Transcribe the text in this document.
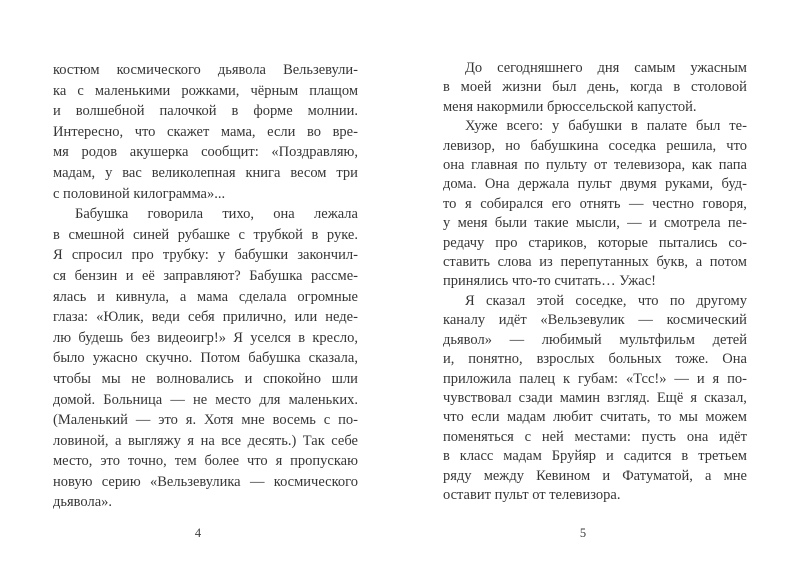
костюм космического дьявола Вельзевули-
ка с маленькими рожками, чёрным плащом
и волшебной палочкой в форме молнии.
Интересно, что скажет мама, если во вре-
мя родов акушерка сообщит: «Поздравляю,
мадам, у вас великолепная книга весом три
с половиной килограмма»...
Бабушка говорила тихо, она лежала
в смешной синей рубашке с трубкой в руке.
Я спросил про трубку: у бабушки закончил-
ся бензин и её заправляют? Бабушка рассме-
ялась и кивнула, а мама сделала огромные
глаза: «Юлик, веди себя прилично, или неде-
лю будешь без видеоигр!» Я уселся в кресло,
было ужасно скучно. Потом бабушка сказала,
чтобы мы не волновались и спокойно шли
домой. Больница — не место для маленьких.
(Маленький — это я. Хотя мне восемь с по-
ловиной, а выгляжу я на все десять.) Так себе
место, это точно, тем более что я пропускаю
новую серию «Вельзевулика — космического
дьявола».
До сегодняшнего дня самым ужасным
в моей жизни был день, когда в столовой
меня накормили брюссельской капустой.
Хуже всего: у бабушки в палате был те-
левизор, но бабушкина соседка решила, что
она главная по пульту от телевизора, как папа
дома. Она держала пульт двумя руками, буд-
то я собирался его отнять — честно говоря,
у меня были такие мысли, — и смотрела пе-
редачу про стариков, которые пытались со-
ставить слова из перепутанных букв, а потом
принялись что-то считать… Ужас!
Я сказал этой соседке, что по другому
каналу идёт «Вельзевулик — космический
дьявол» — любимый мультфильм детей
и, понятно, взрослых больных тоже. Она
приложила палец к губам: «Тсс!» — и я по-
чувствовал сзади мамин взгляд. Ещё я сказал,
что если мадам любит считать, то мы можем
поменяться с ней местами: пусть она идёт
в класс мадам Бруйяр и садится в третьем
ряду между Кевином и Фатуматой, а мне
оставит пульт от телевизора.
4	5
